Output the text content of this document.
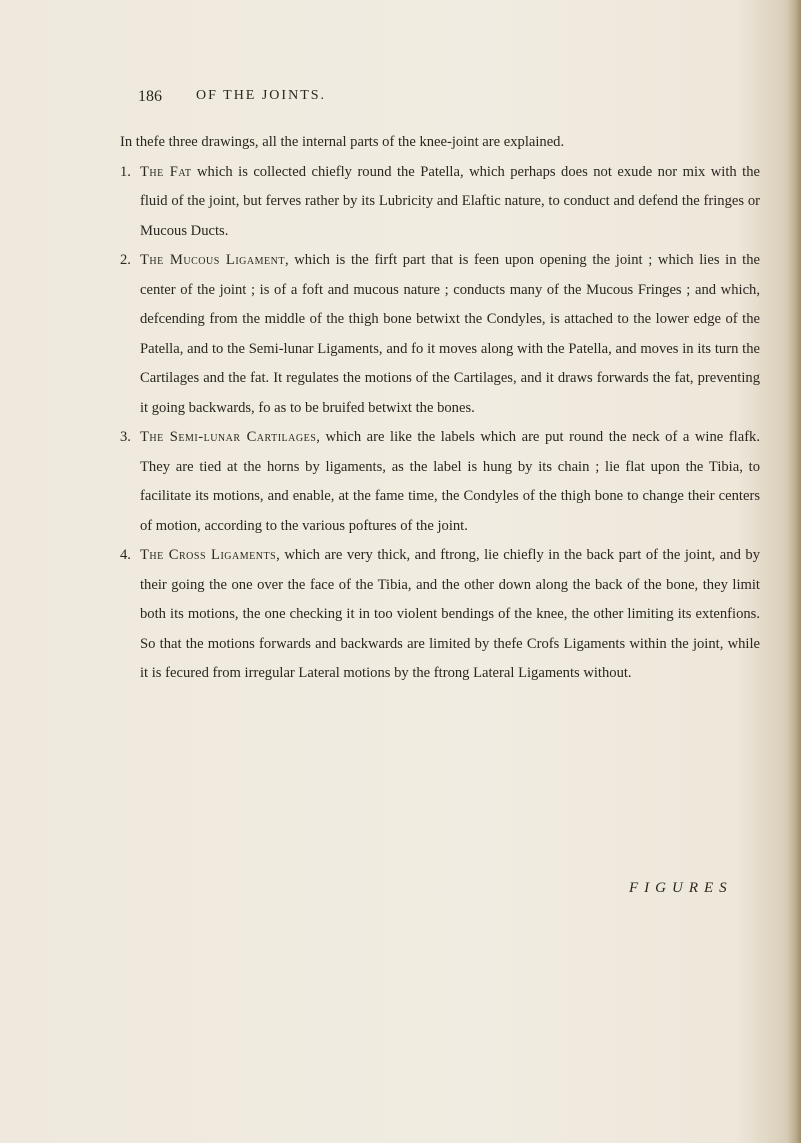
186 OF THE JOINTS.

In thefe three drawings, all the internal parts of the knee-joint are explained.

1. The Fat which is collected chiefly round the Patella, which perhaps does not exude nor mix with the fluid of the joint, but ferves rather by its Lubricity and Elaftic nature, to conduct and defend the fringes or Mucous Ducts.

2. The Mucous Ligament, which is the firft part that is feen upon opening the joint ; which lies in the center of the joint ; is of a foft and mucous nature ; conducts many of the Mucous Fringes ; and which, defcending from the middle of the thigh bone betwixt the Condyles, is attached to the lower edge of the Patella, and to the Semi-lunar Ligaments, and fo it moves along with the Patella, and moves in its turn the Cartilages and the fat. It regulates the motions of the Cartilages, and it draws forwards the fat, preventing it going backwards, fo as to be bruifed betwixt the bones.

3. The Semi-lunar Cartilages, which are like the labels which are put round the neck of a wine flafk. They are tied at the horns by ligaments, as the label is hung by its chain ; lie flat upon the Tibia, to facilitate its motions, and enable, at the fame time, the Condyles of the thigh bone to change their centers of motion, according to the various poftures of the joint.

4. The Cross Ligaments, which are very thick, and ftrong, lie chiefly in the back part of the joint, and by their going the one over the face of the Tibia, and the other down along the back of the bone, they limit both its motions, the one checking it in too violent bendings of the knee, the other limiting its extenfions. So that the motions forwards and backwards are limited by thefe Crofs Ligaments within the joint, while it is fecured from irregular Lateral motions by the ftrong Lateral Ligaments without.

FIGURES
